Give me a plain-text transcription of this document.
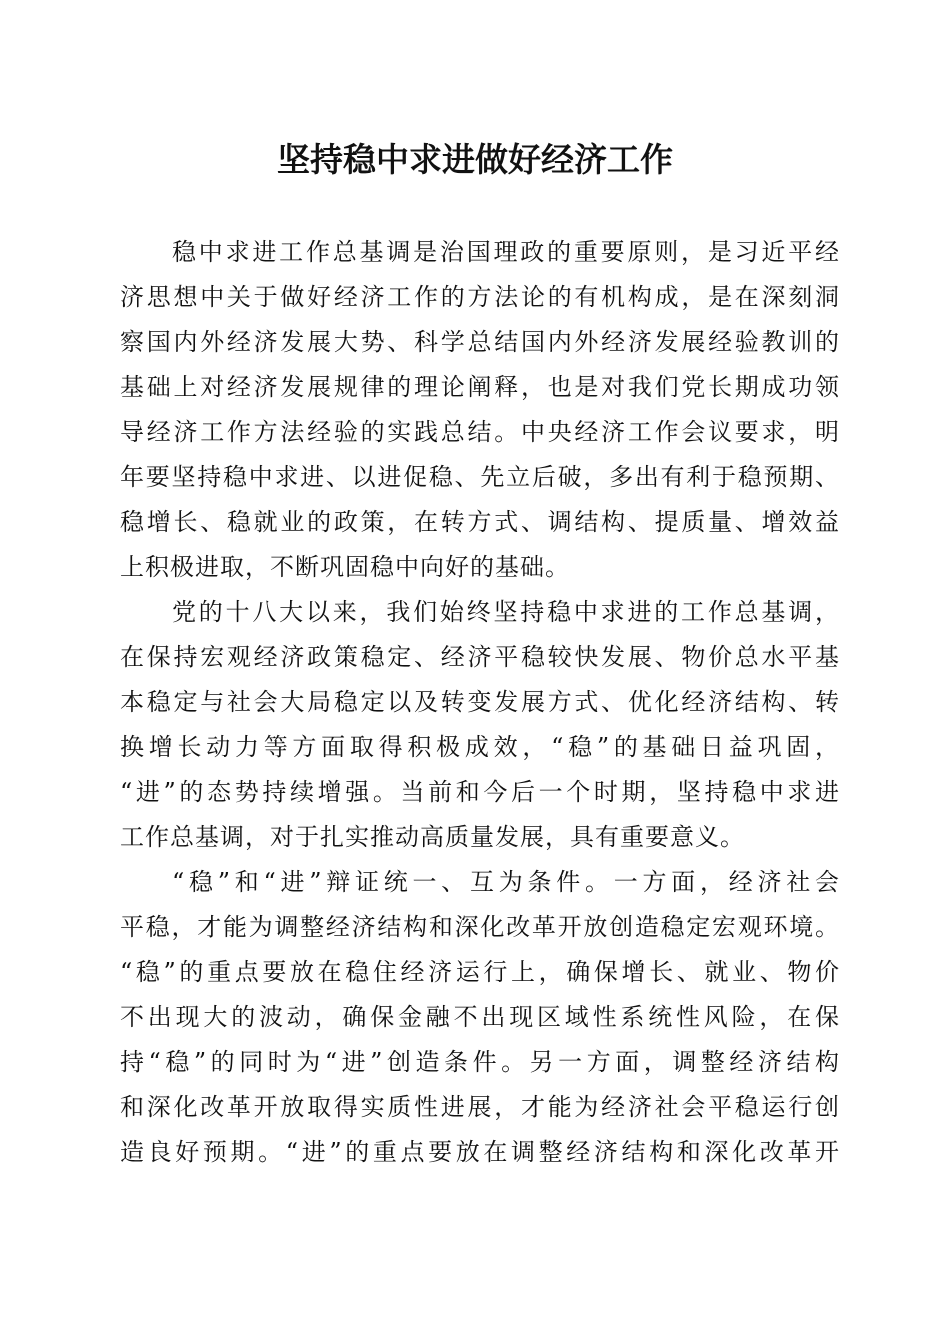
坚持稳中求进做好经济工作
稳中求进工作总基调是治国理政的重要原则，是习近平经
济思想中关于做好经济工作的方法论的有机构成，是在深刻洞
察国内外经济发展大势、科学总结国内外经济发展经验教训的
基础上对经济发展规律的理论阐释，也是对我们党长期成功领
导经济工作方法经验的实践总结。中央经济工作会议要求，明
年要坚持稳中求进、以进促稳、先立后破，多出有利于稳预期、
稳增长、稳就业的政策，在转方式、调结构、提质量、增效益
上积极进取，不断巩固稳中向好的基础。
党的十八大以来，我们始终坚持稳中求进的工作总基调，
在保持宏观经济政策稳定、经济平稳较快发展、物价总水平基
本稳定与社会大局稳定以及转变发展方式、优化经济结构、转
换增长动力等方面取得积极成效，“稳”的基础日益巩固，
“进”的态势持续增强。当前和今后一个时期，坚持稳中求进
工作总基调，对于扎实推动高质量发展，具有重要意义。
“稳”和“进”辩证统一、互为条件。一方面，经济社会
平稳，才能为调整经济结构和深化改革开放创造稳定宏观环境。
“稳”的重点要放在稳住经济运行上，确保增长、就业、物价
不出现大的波动，确保金融不出现区域性系统性风险，在保
持“稳”的同时为“进”创造条件。另一方面，调整经济结构
和深化改革开放取得实质性进展，才能为经济社会平稳运行创
造良好预期。“进”的重点要放在调整经济结构和深化改革开
